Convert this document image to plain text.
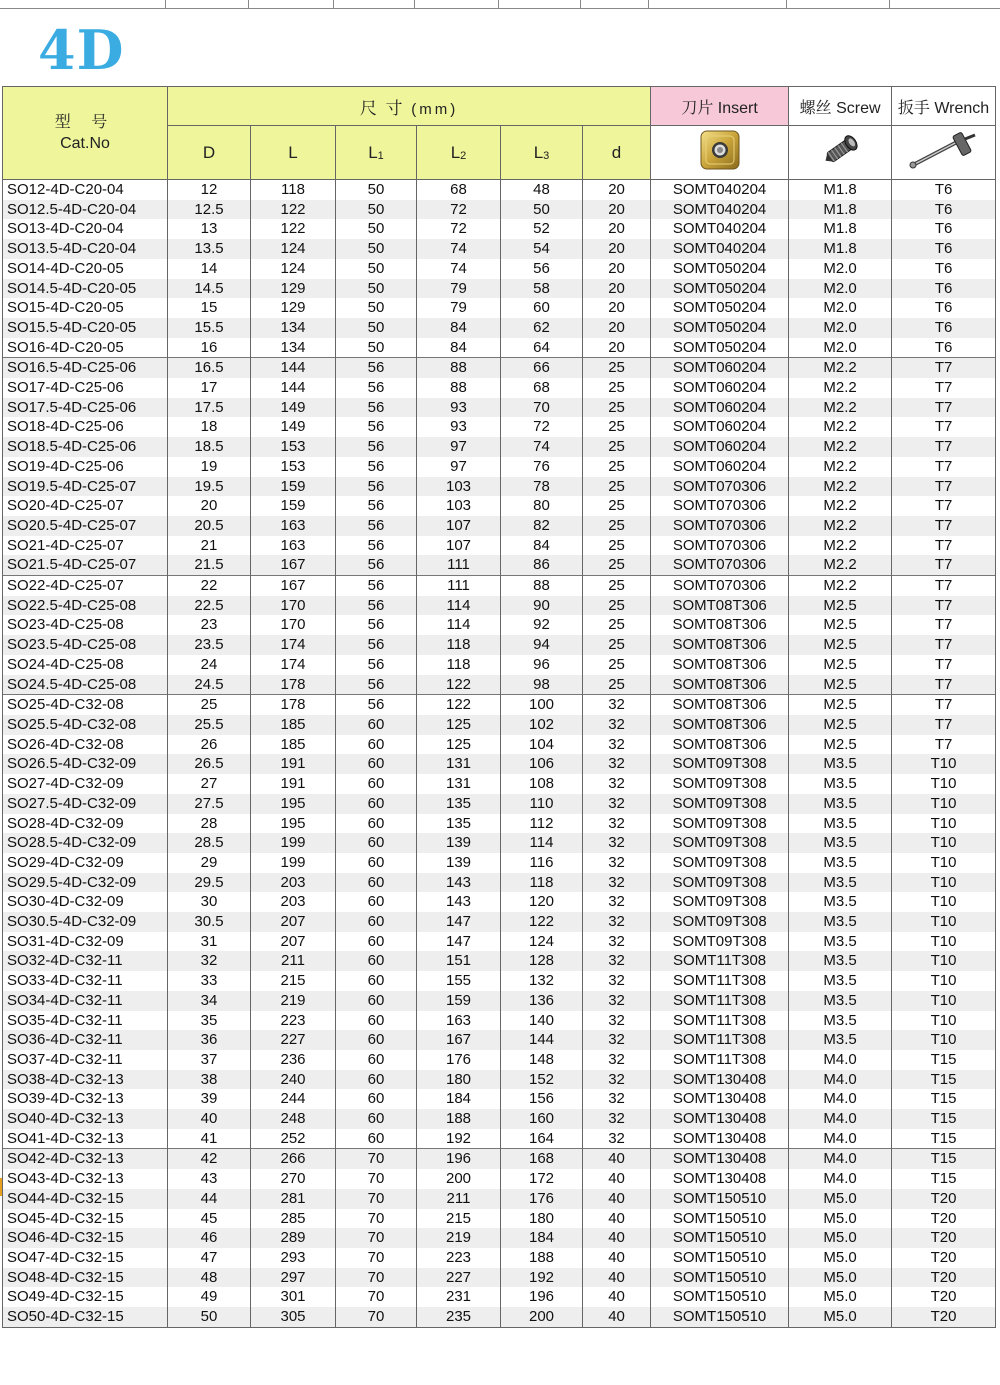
4D
型 号
Cat.No	尺 寸 (mm)						刀片 Insert	螺丝 Screw	扳手 Wrench
	D	L	$L_1$	$L_2$	$L_3$	d			
SO12-4D-C20-04	12	118	50	68	48	20	SOMT040204	M1.8	T6
SO12.5-4D-C20-04	12.5	122	50	72	50	20	SOMT040204	M1.8	T6
SO13-4D-C20-04	13	122	50	72	52	20	SOMT040204	M1.8	T6
SO13.5-4D-C20-04	13.5	124	50	74	54	20	SOMT040204	M1.8	T6
SO14-4D-C20-05	14	124	50	74	56	20	SOMT050204	M2.0	T6
SO14.5-4D-C20-05	14.5	129	50	79	58	20	SOMT050204	M2.0	T6
SO15-4D-C20-05	15	129	50	79	60	20	SOMT050204	M2.0	T6
SO15.5-4D-C20-05	15.5	134	50	84	62	20	SOMT050204	M2.0	T6
SO16-4D-C20-05	16	134	50	84	64	20	SOMT050204	M2.0	T6
SO16.5-4D-C25-06	16.5	144	56	88	66	25	SOMT060204	M2.2	T7
SO17-4D-C25-06	17	144	56	88	68	25	SOMT060204	M2.2	T7
SO17.5-4D-C25-06	17.5	149	56	93	70	25	SOMT060204	M2.2	T7
SO18-4D-C25-06	18	149	56	93	72	25	SOMT060204	M2.2	T7
SO18.5-4D-C25-06	18.5	153	56	97	74	25	SOMT060204	M2.2	T7
SO19-4D-C25-06	19	153	56	97	76	25	SOMT060204	M2.2	T7
SO19.5-4D-C25-07	19.5	159	56	103	78	25	SOMT070306	M2.2	T7
SO20-4D-C25-07	20	159	56	103	80	25	SOMT070306	M2.2	T7
SO20.5-4D-C25-07	20.5	163	56	107	82	25	SOMT070306	M2.2	T7
SO21-4D-C25-07	21	163	56	107	84	25	SOMT070306	M2.2	T7
SO21.5-4D-C25-07	21.5	167	56	111	86	25	SOMT070306	M2.2	T7
SO22-4D-C25-07	22	167	56	111	88	25	SOMT070306	M2.2	T7
SO22.5-4D-C25-08	22.5	170	56	114	90	25	SOMT08T306	M2.5	T7
SO23-4D-C25-08	23	170	56	114	92	25	SOMT08T306	M2.5	T7
SO23.5-4D-C25-08	23.5	174	56	118	94	25	SOMT08T306	M2.5	T7
SO24-4D-C25-08	24	174	56	118	96	25	SOMT08T306	M2.5	T7
SO24.5-4D-C25-08	24.5	178	56	122	98	25	SOMT08T306	M2.5	T7
SO25-4D-C32-08	25	178	56	122	100	32	SOMT08T306	M2.5	T7
SO25.5-4D-C32-08	25.5	185	60	125	102	32	SOMT08T306	M2.5	T7
SO26-4D-C32-08	26	185	60	125	104	32	SOMT08T306	M2.5	T7
SO26.5-4D-C32-09	26.5	191	60	131	106	32	SOMT09T308	M3.5	T10
SO27-4D-C32-09	27	191	60	131	108	32	SOMT09T308	M3.5	T10
SO27.5-4D-C32-09	27.5	195	60	135	110	32	SOMT09T308	M3.5	T10
SO28-4D-C32-09	28	195	60	135	112	32	SOMT09T308	M3.5	T10
SO28.5-4D-C32-09	28.5	199	60	139	114	32	SOMT09T308	M3.5	T10
SO29-4D-C32-09	29	199	60	139	116	32	SOMT09T308	M3.5	T10
SO29.5-4D-C32-09	29.5	203	60	143	118	32	SOMT09T308	M3.5	T10
SO30-4D-C32-09	30	203	60	143	120	32	SOMT09T308	M3.5	T10
SO30.5-4D-C32-09	30.5	207	60	147	122	32	SOMT09T308	M3.5	T10
SO31-4D-C32-09	31	207	60	147	124	32	SOMT09T308	M3.5	T10
SO32-4D-C32-11	32	211	60	151	128	32	SOMT11T308	M3.5	T10
SO33-4D-C32-11	33	215	60	155	132	32	SOMT11T308	M3.5	T10
SO34-4D-C32-11	34	219	60	159	136	32	SOMT11T308	M3.5	T10
SO35-4D-C32-11	35	223	60	163	140	32	SOMT11T308	M3.5	T10
SO36-4D-C32-11	36	227	60	167	144	32	SOMT11T308	M3.5	T10
SO37-4D-C32-11	37	236	60	176	148	32	SOMT11T308	M4.0	T15
SO38-4D-C32-13	38	240	60	180	152	32	SOMT130408	M4.0	T15
SO39-4D-C32-13	39	244	60	184	156	32	SOMT130408	M4.0	T15
SO40-4D-C32-13	40	248	60	188	160	32	SOMT130408	M4.0	T15
SO41-4D-C32-13	41	252	60	192	164	32	SOMT130408	M4.0	T15
SO42-4D-C32-13	42	266	70	196	168	40	SOMT130408	M4.0	T15
SO43-4D-C32-13	43	270	70	200	172	40	SOMT130408	M4.0	T15
SO44-4D-C32-15	44	281	70	211	176	40	SOMT150510	M5.0	T20
SO45-4D-C32-15	45	285	70	215	180	40	SOMT150510	M5.0	T20
SO46-4D-C32-15	46	289	70	219	184	40	SOMT150510	M5.0	T20
SO47-4D-C32-15	47	293	70	223	188	40	SOMT150510	M5.0	T20
SO48-4D-C32-15	48	297	70	227	192	40	SOMT150510	M5.0	T20
SO49-4D-C32-15	49	301	70	231	196	40	SOMT150510	M5.0	T20
SO50-4D-C32-15	50	305	70	235	200	40	SOMT150510	M5.0	T20
